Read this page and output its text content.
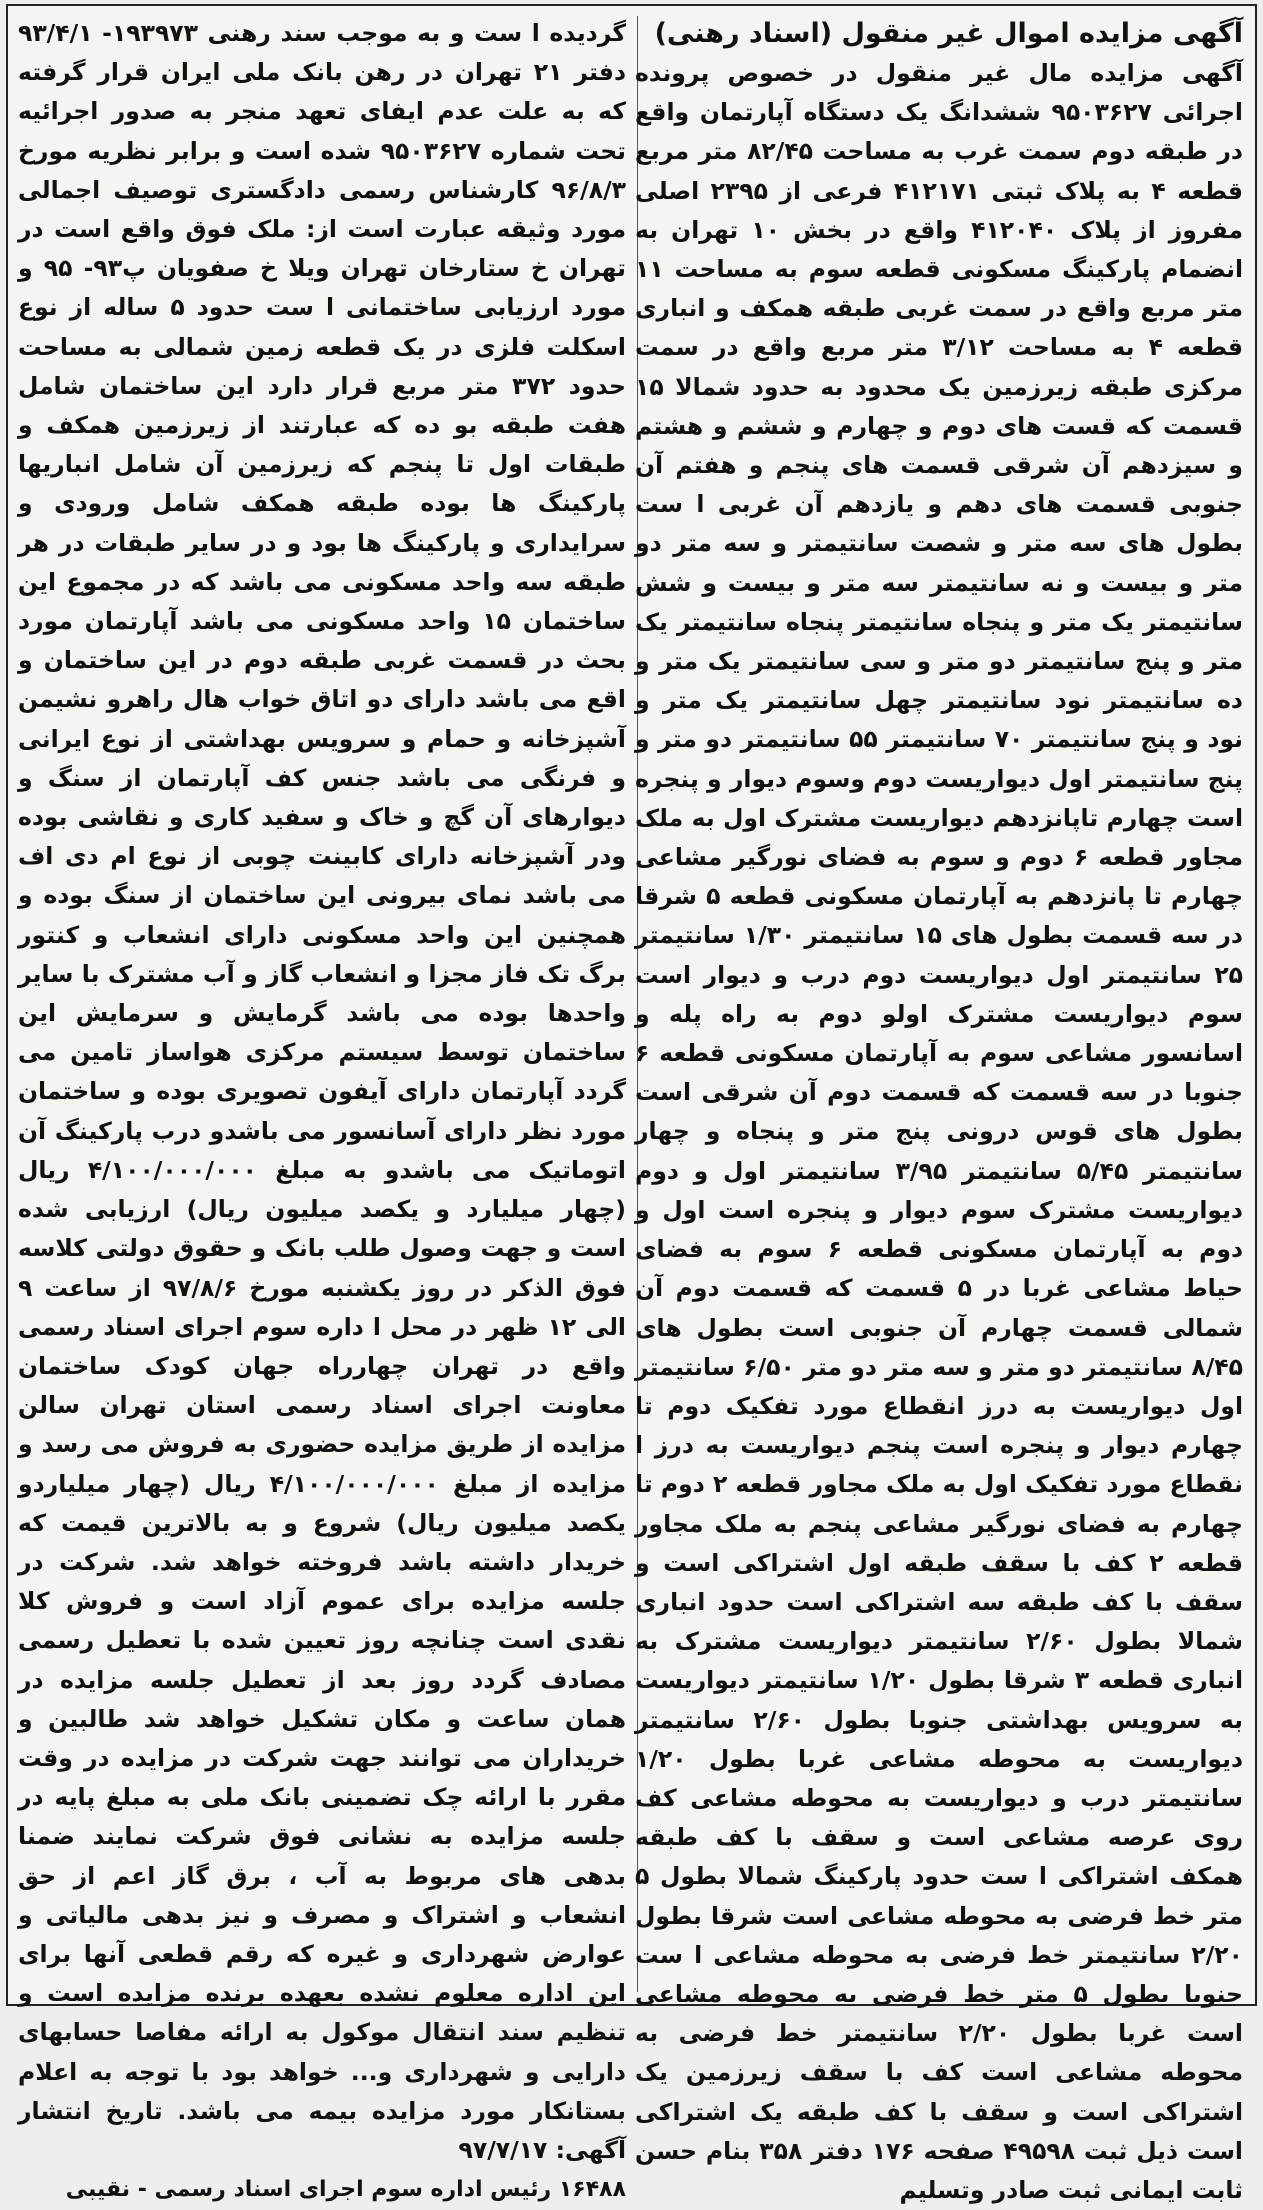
آگهی مزایده اموال غیر منقول (اسناد رهنی)

آگهی مزایده مال غیر منقول در خصوص پرونده اجرائی ۹۵۰۳۶۲۷ ششدانگ یک دستگاه آپارتمان واقع در طبقه دوم سمت غرب به مساحت ۸۲/۴۵ متر مربع قطعه ۴ به پلاک ثبتی ۴۱۲۱۷۱ فرعی از ۲۳۹۵ اصلی مفروز از پلاک ۴۱۲۰۴۰ واقع در بخش ۱۰ تهران به انضمام پارکینگ مسکونی قطعه سوم به مساحت ۱۱ متر مربع واقع در سمت غربی طبقه همکف و انباری قطعه ۴ به مساحت ۳/۱۲ متر مربع واقع در سمت مرکزی طبقه زیرزمین یک محدود به حدود شمالا ۱۵ قسمت که قست های دوم و چهارم و ششم و هشتم و سیزدهم آن شرقی قسمت های پنجم و هفتم آن جنوبی قسمت های دهم و یازدهم آن غربی ا ست بطول های سه متر و شصت سانتیمتر و سه متر دو متر و بیست و نه سانتیمتر سه متر و بیست و شش سانتیمتر یک متر و پنجاه سانتیمتر پنجاه سانتیمتر یک متر و پنج سانتیمتر دو متر و سی سانتیمتر یک متر و ده سانتیمتر نود سانتیمتر چهل سانتیمتر یک متر و نود و پنج سانتیمتر ۷۰ سانتیمتر ۵۵ سانتیمتر دو متر و پنج سانتیمتر اول دیواریست دوم وسوم دیوار و پنجره است چهارم تاپانزدهم دیواریست مشترک اول به ملک مجاور قطعه ۶ دوم و سوم به فضای نورگیر مشاعی چهارم تا پانزدهم به آپارتمان مسکونی قطعه ۵ شرقا در سه قسمت بطول های ۱۵ سانتیمتر ۱/۳۰ سانتیمتر ۲۵ سانتیمتر اول دیواریست دوم درب و دیوار است سوم دیواریست مشترک اولو دوم به راه پله و اسانسور مشاعی سوم به آپارتمان مسکونی قطعه ۶ جنوبا در سه قسمت که قسمت دوم آن شرقی است بطول های قوس درونی پنج متر و پنجاه و چهار سانتیمتر ۵/۴۵ سانتیمتر ۳/۹۵ سانتیمتر اول و دوم دیواریست مشترک سوم دیوار و پنجره است اول و دوم به آپارتمان مسکونی قطعه ۶ سوم به فضای حیاط مشاعی غربا در ۵ قسمت که قسمت دوم آن شمالی قسمت چهارم آن جنوبی است بطول های ۸/۴۵ سانتیمتر دو متر و سه متر دو متر ۶/۵۰ سانتیمتر اول دیواریست به درز انقطاع مورد تفکیک دوم تا چهارم دیوار و پنجره است پنجم دیواریست به درز ا نقطاع مورد تفکیک اول به ملک مجاور قطعه ۲ دوم تا چهارم به فضای نورگیر مشاعی پنجم به ملک مجاور قطعه ۲ کف با سقف طبقه اول اشتراکی است و سقف با کف طبقه سه اشتراکی است حدود انباری شمالا بطول ۲/۶۰ سانتیمتر دیواریست مشترک به انباری قطعه ۳ شرقا بطول ۱/۲۰ سانتیمتر دیواریست به سرویس بهداشتی جنوبا بطول ۲/۶۰ سانتیمتر دیواریست به محوطه مشاعی غربا بطول ۱/۲۰ سانتیمتر درب و دیواریست به محوطه مشاعی کف روی عرصه مشاعی است و سقف با کف طبقه همکف اشتراکی ا ست حدود پارکینگ شمالا بطول ۵ متر خط فرضی به محوطه مشاعی است شرقا بطول ۲/۲۰ سانتیمتر خط فرضی به محوطه مشاعی ا ست جنوبا بطول ۵ متر خط فرضی به محوطه مشاعی است غربا بطول ۲/۲۰ سانتیمتر خط فرضی به محوطه مشاعی است کف با سقف زیرزمین یک اشتراکی است و سقف با کف طبقه یک اشتراکی است ذیل ثبت ۴۹۵۹۸ صفحه ۱۷۶ دفتر ۳۵۸ بنام حسن ثابت ایمانی ثبت صادر وتسلیم

گردیده ا ست و به موجب سند رهنی ۱۹۳۹۷۳- ۹۳/۴/۱ دفتر ۲۱ تهران در رهن بانک ملی ایران قرار گرفته که به علت عدم ایفای تعهد منجر به صدور اجرائیه تحت شماره ۹۵۰۳۶۲۷ شده است و برابر نظریه مورخ ۹۶/۸/۳ کارشناس رسمی دادگستری توصیف اجمالی مورد وثیقه عبارت است از: ملک فوق واقع است در تهران خ ستارخان تهران ویلا خ صفویان پ۹۳- ۹۵ و مورد ارزیابی ساختمانی ا ست حدود ۵ ساله از نوع اسکلت فلزی در یک قطعه زمین شمالی به مساحت حدود ۳۷۲ متر مربع قرار دارد این ساختمان شامل هفت طبقه بو ده که عبارتند از زیرزمین همکف و طبقات اول تا پنجم که زیرزمین آن شامل انباریها پارکینگ ها بوده طبقه همکف شامل ورودی و سرایداری و پارکینگ ها بود و در سایر طبقات در هر طبقه سه واحد مسکونی می باشد که در مجموع این ساختمان ۱۵ واحد مسکونی می باشد آپارتمان مورد بحث در قسمت غربی طبقه دوم در این ساختمان و اقع می باشد دارای دو اتاق خواب هال راهرو نشیمن آشپزخانه و حمام و سرویس بهداشتی از نوع ایرانی و فرنگی می باشد جنس کف آپارتمان از سنگ و دیوارهای آن گچ و خاک و سفید کاری و نقاشی بوده ودر آشپزخانه دارای کابینت چوبی از نوع ام دی اف می باشد نمای بیرونی این ساختمان از سنگ بوده و همچنین این واحد مسکونی دارای انشعاب و کنتور برگ تک فاز مجزا و انشعاب گاز و آب مشترک با سایر واحدها بوده می باشد گرمایش و سرمایش این ساختمان توسط سیستم مرکزی هواساز تامین می گردد آپارتمان دارای آیفون تصویری بوده و ساختمان مورد نظر دارای آسانسور می باشدو درب پارکینگ آن اتوماتیک می باشدو به مبلغ ۴/۱۰۰/۰۰۰/۰۰۰ ریال (چهار میلیارد و یکصد میلیون ریال) ارزیابی شده است و جهت وصول طلب بانک و حقوق دولتی کلاسه فوق الذکر در روز یکشنبه مورخ ۹۷/۸/۶ از ساعت ۹ الی ۱۲ ظهر در محل ا داره سوم اجرای اسناد رسمی واقع در تهران چهارراه جهان کودک ساختمان معاونت اجرای اسناد رسمی استان تهران سالن مزایده از طریق مزایده حضوری به فروش می رسد و مزایده از مبلغ ۴/۱۰۰/۰۰۰/۰۰۰ ریال (چهار میلیاردو یکصد میلیون ریال) شروع و به بالاترین قیمت که خریدار داشته باشد فروخته خواهد شد. شرکت در جلسه مزایده برای عموم آزاد است و فروش کلا نقدی است چنانچه روز تعیین شده با تعطیل رسمی مصادف گردد روز بعد از تعطیل جلسه مزایده در همان ساعت و مکان تشکیل خواهد شد طالبین و خریداران می توانند جهت شرکت در مزایده در وقت مقرر با ارائه چک تضمینی بانک ملی به مبلغ پایه در جلسه مزایده به نشانی فوق شرکت نمایند ضمنا بدهی های مربوط به آب ، برق گاز اعم از حق انشعاب و اشتراک و مصرف و نیز بدهی مالیاتی و عوارض شهرداری و غیره که رقم قطعی آنها برای این اداره معلوم نشده بعهده برنده مزایده است و تنظیم سند انتقال موکول به ارائه مفاصا حسابهای دارایی و شهرداری و... خواهد بود با توجه به اعلام بستانکار مورد مزایده بیمه می باشد. تاریخ انتشار آگهی: ۹۷/۷/۱۷

۱۶۴۸۸ رئیس اداره سوم اجرای اسناد رسمی - نقیبی
